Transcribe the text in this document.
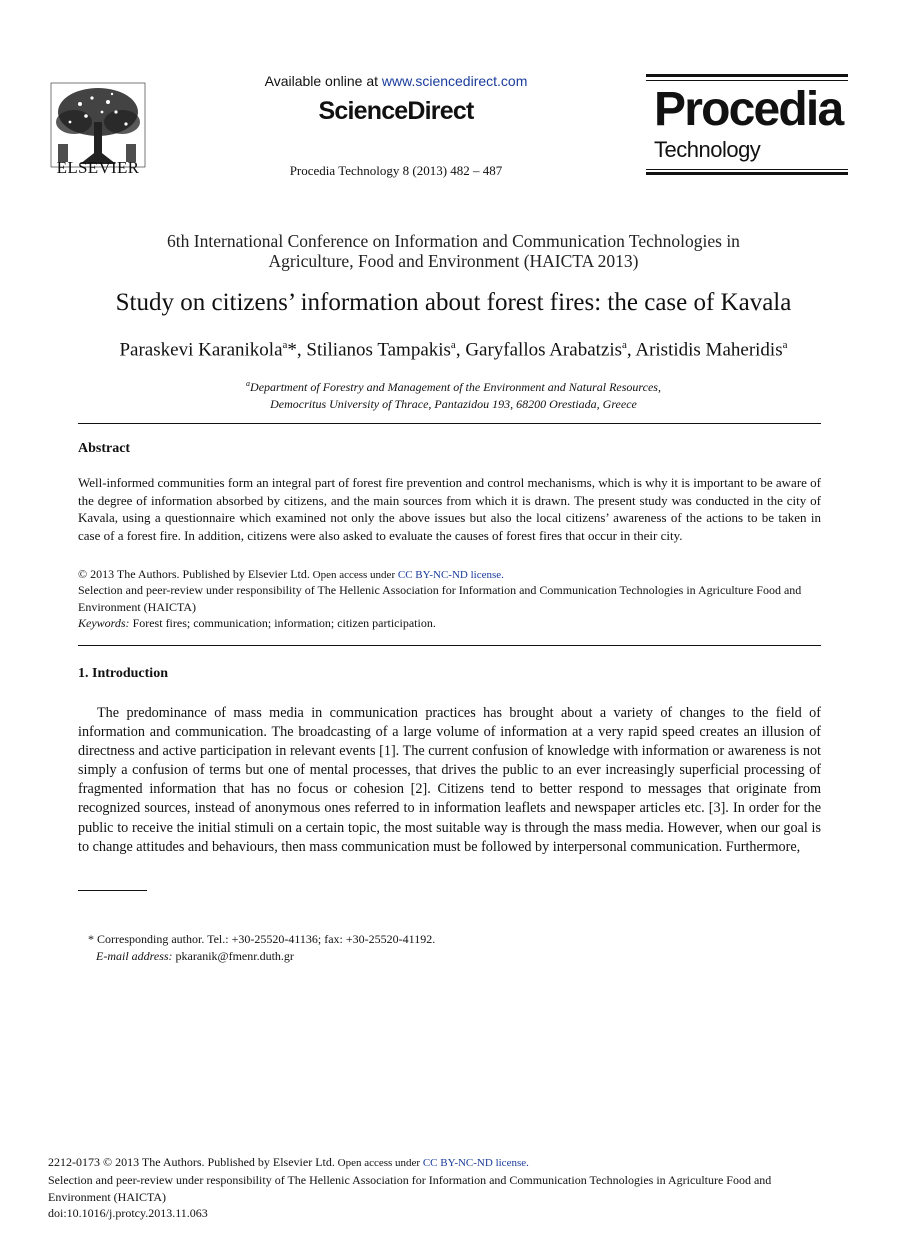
ELSEVIER
Available online at www.sciencedirect.com
ScienceDirect
Procedia Technology 8 (2013) 482 – 487
Procedia
Technology
6th International Conference on Information and Communication Technologies in
Agriculture, Food and Environment (HAICTA 2013)
Study on citizens’ information about forest fires: the case of Kavala
Paraskevi Karanikola$^a$*, Stilianos Tampakis$^a$, Garyfallos Arabatzis$^a$, Aristidis Maheridis$^a$
$^a$Department of Forestry and Management of the Environment and Natural Resources,
Democritus University of Thrace, Pantazidou 193, 68200 Orestiada, Greece
Abstract
Well-informed communities form an integral part of forest fire prevention and control mechanisms, which is why it is important to be aware of the degree of information absorbed by citizens, and the main sources from which it is drawn. The present study was conducted in the city of Kavala, using a questionnaire which examined not only the above issues but also the local citizens’ awareness of the actions to be taken in case of a forest fire. In addition, citizens were also asked to evaluate the causes of forest fires that occur in their city.
© 2013 The Authors. Published by Elsevier Ltd. Open access under CC BY-NC-ND license.
Selection and peer-review under responsibility of The Hellenic Association for Information and Communication Technologies in Agriculture Food and Environment (HAICTA)
Keywords: Forest fires; communication; information; citizen participation.
1. Introduction
The predominance of mass media in communication practices has brought about a variety of changes to the field of information and communication. The broadcasting of a large volume of information at a very rapid speed creates an illusion of directness and active participation in relevant events [1]. The current confusion of knowledge with information or awareness is not simply a confusion of terms but one of mental processes, that drives the public to an ever increasingly superficial processing of fragmented information that has no focus or cohesion [2]. Citizens tend to better respond to messages that originate from recognized sources, instead of anonymous ones referred to in information leaflets and newspaper articles etc. [3]. In order for the public to receive the initial stimuli on a certain topic, the most suitable way is through the mass media. However, when our goal is to change attitudes and behaviours, then mass communication must be followed by interpersonal communication. Furthermore,
* Corresponding author. Tel.: +30-25520-41136; fax: +30-25520-41192.
E-mail address: pkaranik@fmenr.duth.gr
2212-0173 © 2013 The Authors. Published by Elsevier Ltd. Open access under CC BY-NC-ND license.
Selection and peer-review under responsibility of The Hellenic Association for Information and Communication Technologies in Agriculture Food and Environment (HAICTA)
doi:10.1016/j.protcy.2013.11.063
